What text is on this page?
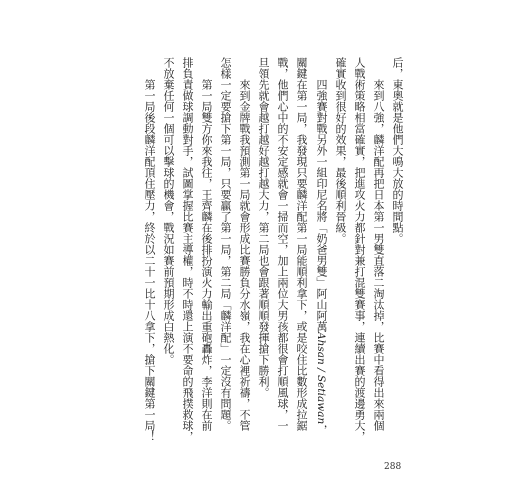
后，東奧就是他們大鳴大放的時間點。
來到八強，麟洋配再把日本第一男雙直落二淘汰掉，比賽中看得出來兩個
人戰術策略相當確實，把進攻火力都針對兼打混雙賽事，連續出賽的渡邊勇大，
確實收到很好的效果，最後順利晉級。
四強賽對戰另外一組印尼名將「奶爸男雙」阿山阿萬Ahsan / Setiawan，
關鍵在第一局，我發現只要麟洋配第一局能順利拿下，或是咬住比數形成拉鋸
戰，他們心中的不安定感就會一掃而空，加上兩位大男孩都很會打順風球，一
旦領先就會越打越好越打越大力，第二局也會跟著順順發揮搶下勝利。
來到金牌戰我預測第一局就會形成比賽勝負分水嶺，我在心裡祈禱，不管
怎樣一定要搶下第一局，只要贏了第一局，第二局「麟洋配」一定沒有問題。
第一局雙方你來我往，王齊麟在後排扮演火力輸出重砲轟炸，李洋則在前
排負責做球調動對手，試圖掌握比賽主導權，時不時還上演不要命的飛撲救球，
不放棄任何一個可以擊球的機會，戰況如賽前預期形成白熱化。
第一局後段麟洋配頂住壓力，終於以二十一比十八拿下，搶下關鍵第一局！
288
